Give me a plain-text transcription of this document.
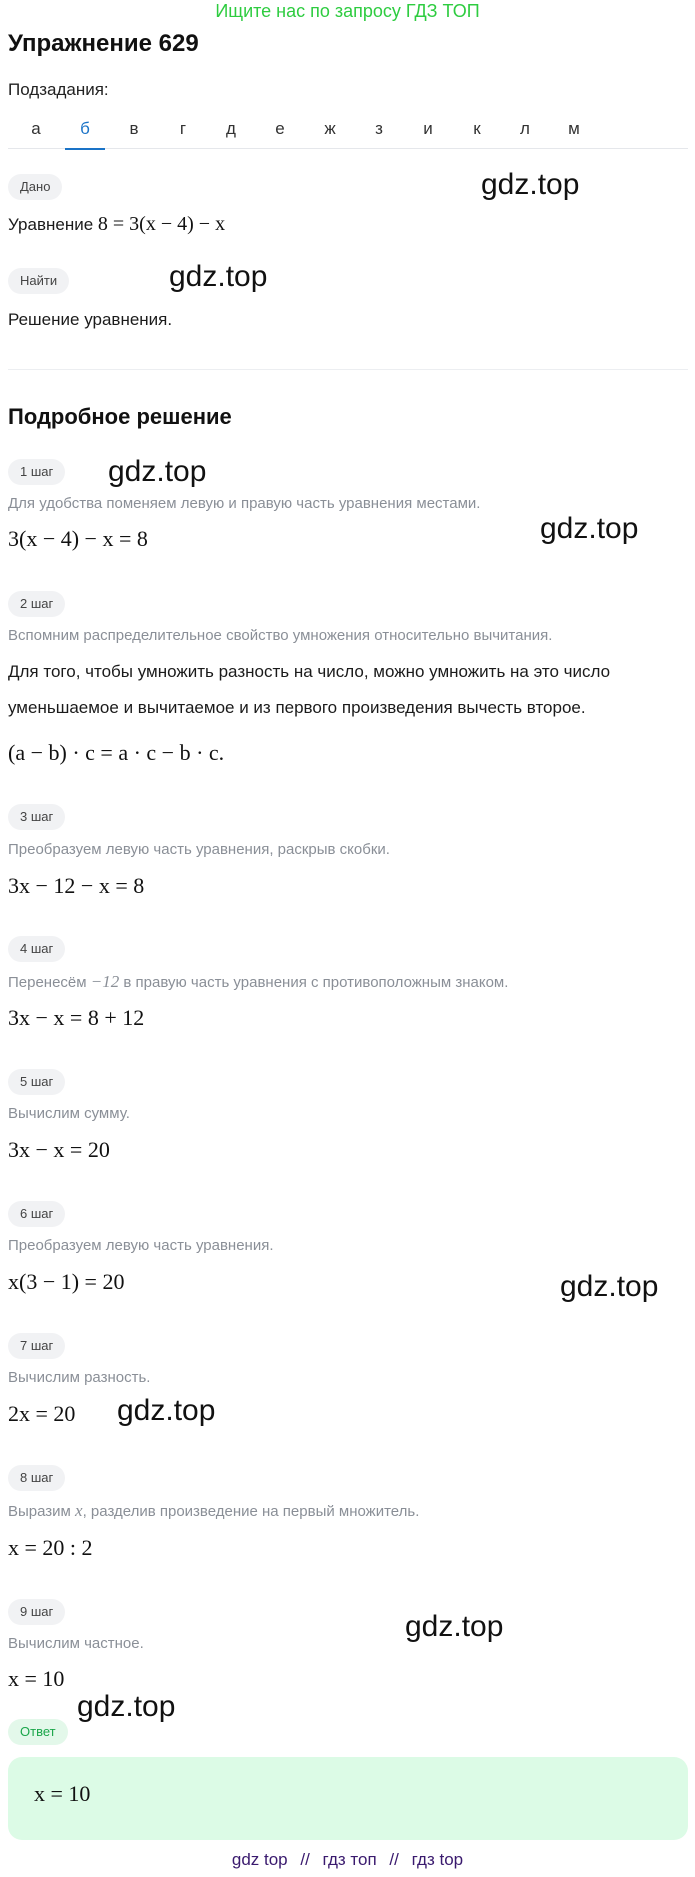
Ищите нас по запросу ГДЗ ТОП
Упражнение 629
Подзадания:
а	б	в	г	д	е	ж	з	и	к	л	м
Дано
Уравнение 8 = 3(x − 4) − x
Найти
Решение уравнения.
Подробное решение
1 шаг
Для удобства поменяем левую и правую часть уравнения местами.
3(x − 4) − x = 8
2 шаг
Вспомним распределительное свойство умножения относительно вычитания.
Для того, чтобы умножить разность на число, можно умножить на это число
уменьшаемое и вычитаемое и из первого произведения вычесть второе.
(a − b) · c = a · c − b · c.
3 шаг
Преобразуем левую часть уравнения, раскрыв скобки.
3x − 12 − x = 8
4 шаг
Перенесём −12 в правую часть уравнения с противоположным знаком.
3x − x = 8 + 12
5 шаг
Вычислим сумму.
3x − x = 20
6 шаг
Преобразуем левую часть уравнения.
x(3 − 1) = 20
7 шаг
Вычислим разность.
2x = 20
8 шаг
Выразим x, разделив произведение на первый множитель.
x = 20 : 2
9 шаг
Вычислим частное.
x = 10
Ответ
x = 10
gdz.top
gdz.top
gdz.top
gdz.top
gdz.top
gdz.top
gdz.top
gdz.top
gdz top // гдз топ // гдз top
